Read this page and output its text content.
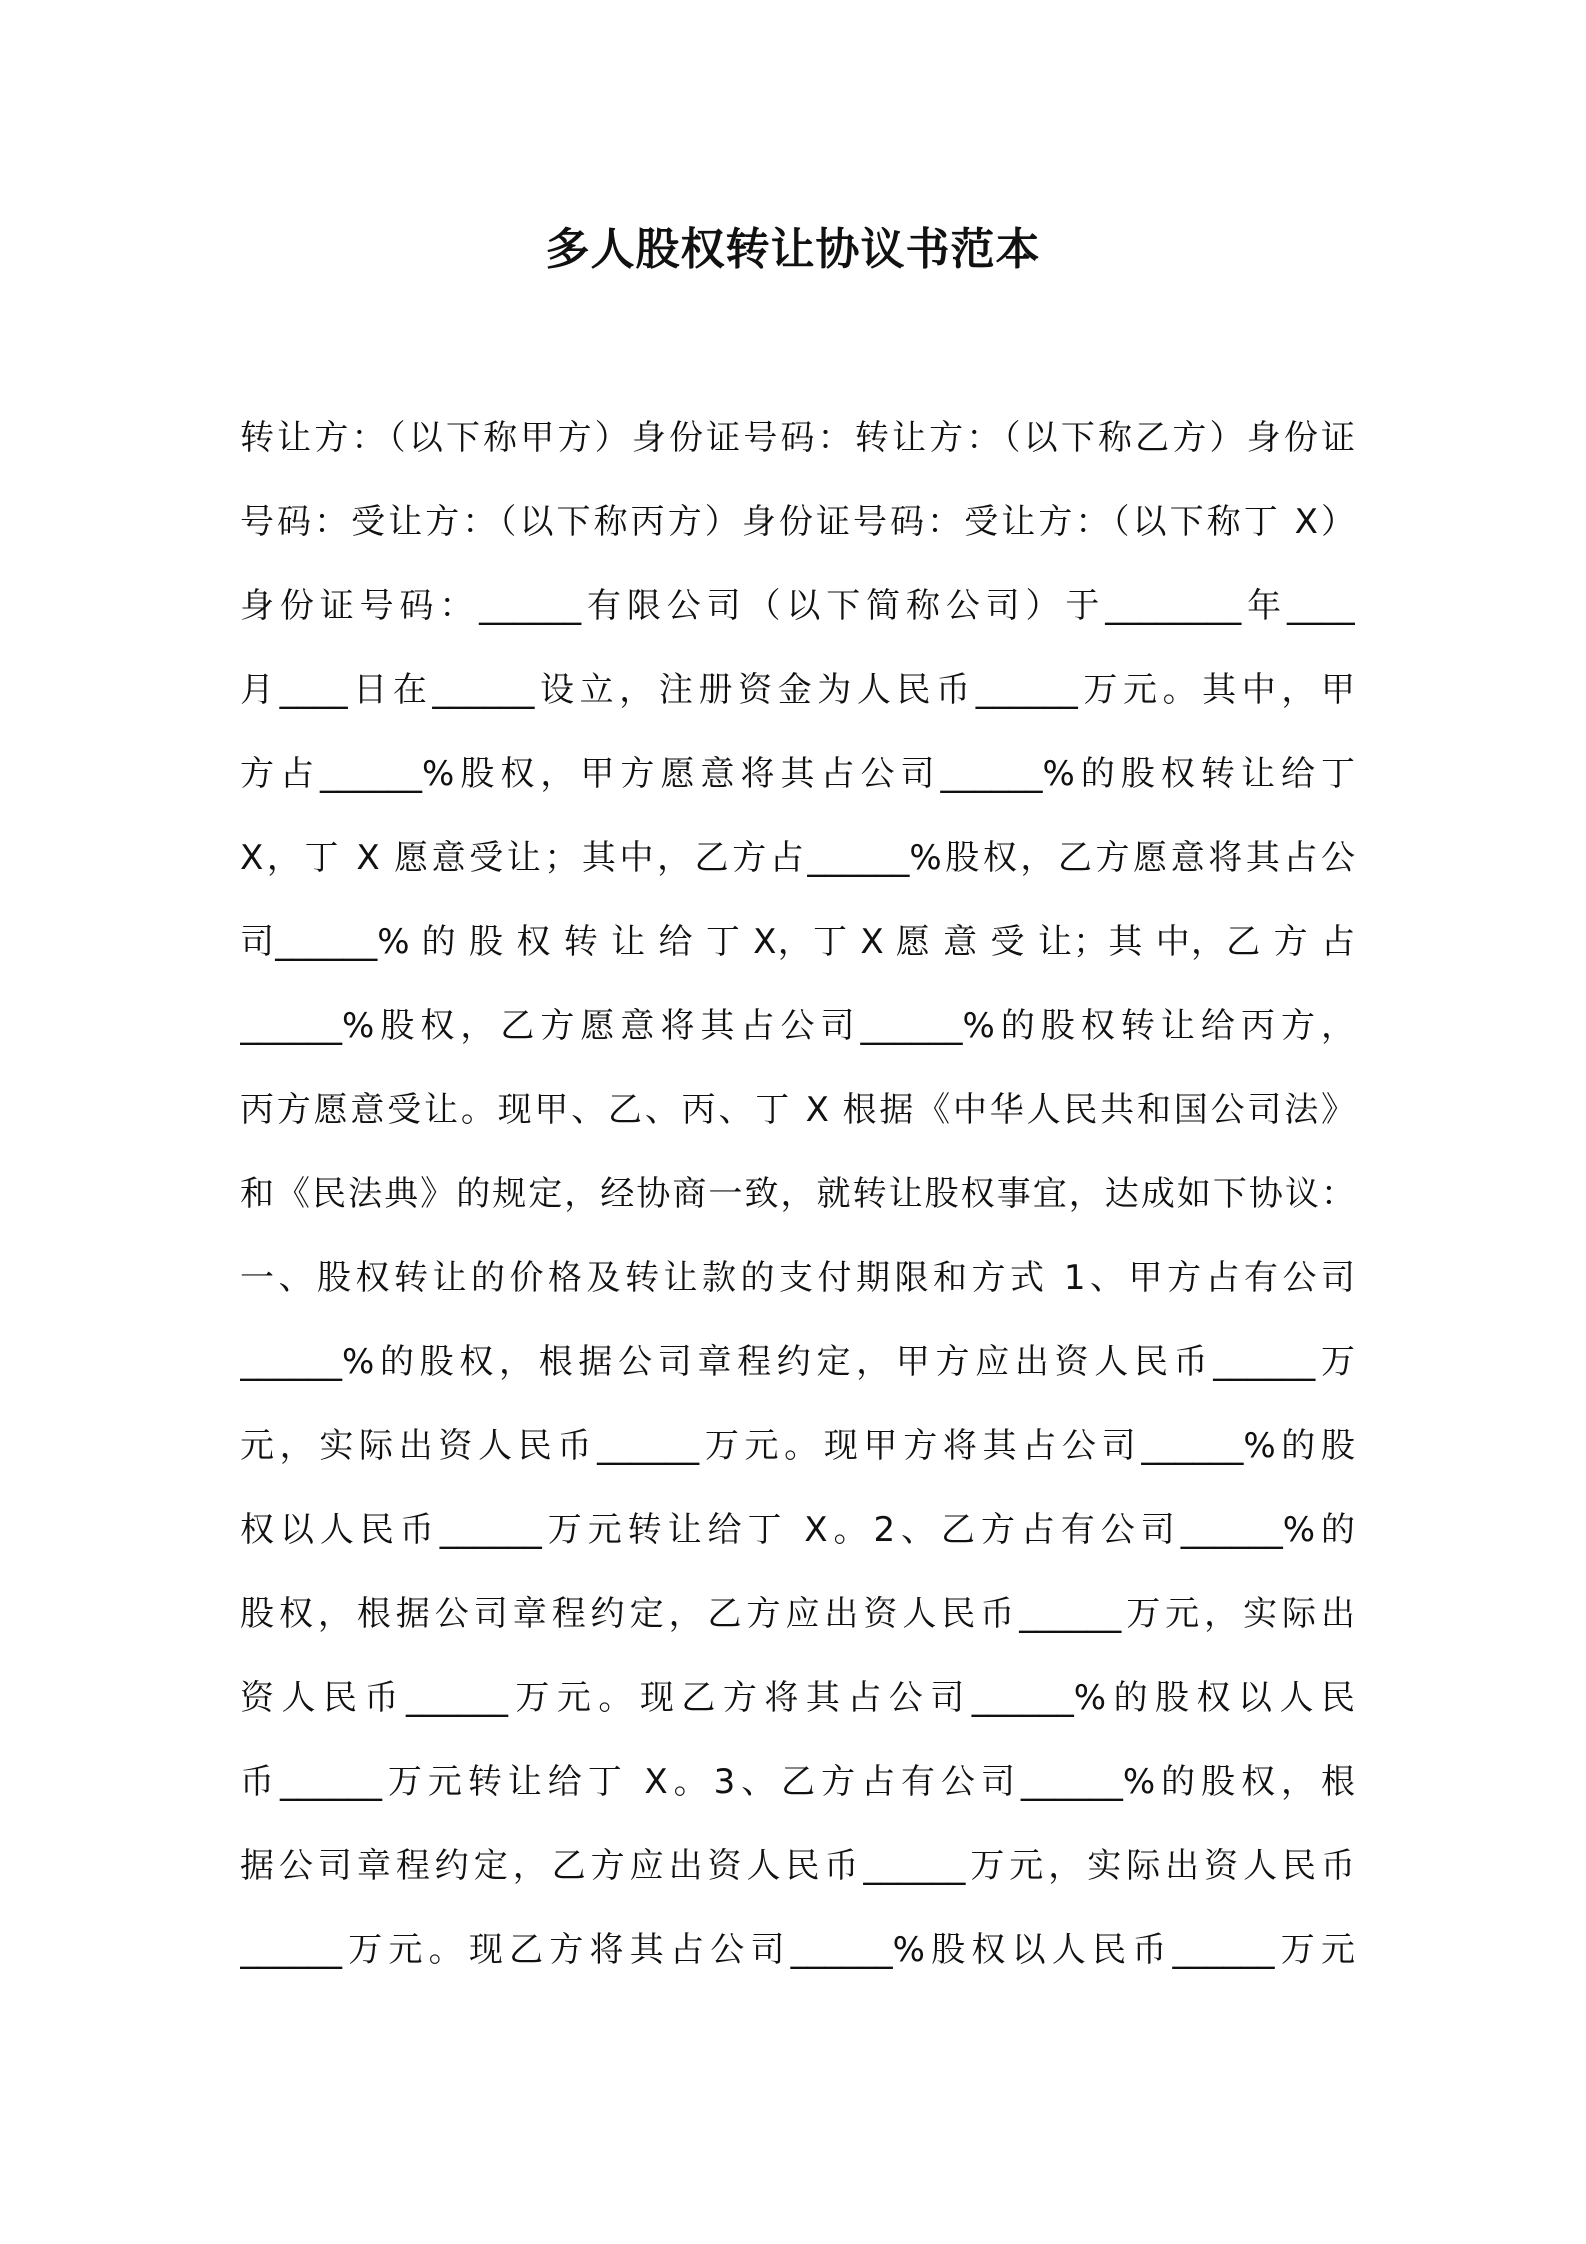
多人股权转让协议书范本
转让方：（以下称甲方）身份证号码：转让方：（以下称乙方）身份证
号码：受让方：（以下称丙方）身份证号码：受让方：（以下称丁 X）
身份证号码：______有限公司（以下简称公司）于________年____
月____日在______设立，注册资金为人民币______万元。其中，甲
方占______%股权，甲方愿意将其占公司______%的股权转让给丁
X，丁 X 愿意受让；其中，乙方占______%股权，乙方愿意将其占公
司______% 的 股 权 转 让 给 丁 X，丁 X 愿 意 受 让；其 中，乙 方 占
______%股权，乙方愿意将其占公司______%的股权转让给丙方，
丙方愿意受让。现甲、乙、丙、丁 X 根据《中华人民共和国公司法》
和《民法典》的规定，经协商一致，就转让股权事宜，达成如下协议：
一、股权转让的价格及转让款的支付期限和方式 1、甲方占有公司
______%的股权，根据公司章程约定，甲方应出资人民币______万
元，实际出资人民币______万元。现甲方将其占公司______%的股
权以人民币______万元转让给丁 X。2、乙方占有公司______%的
股权，根据公司章程约定，乙方应出资人民币______万元，实际出
资人民币______万元。现乙方将其占公司______%的股权以人民
币______万元转让给丁 X。3、乙方占有公司______%的股权，根
据公司章程约定，乙方应出资人民币______万元，实际出资人民币
______万元。现乙方将其占公司______%股权以人民币______万元
